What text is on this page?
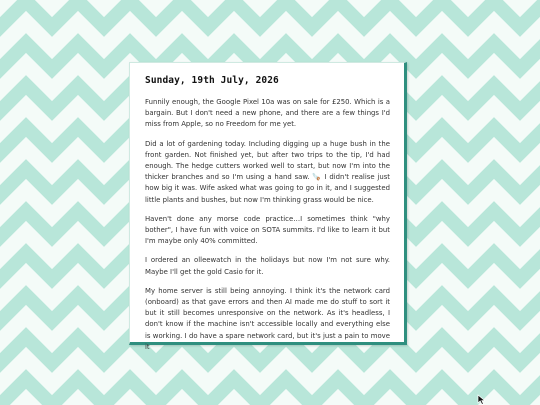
Sunday, 19th July, 2026

Funnily enough, the Google Pixel 10a was on sale for £250. Which is a bargain. But I don't need a new phone, and there are a few things I'd miss from Apple, so no Freedom for me yet.

Did a lot of gardening today. Including digging up a huge bush in the front garden. Not finished yet, but after two trips to the tip, I'd had enough. The hedge cutters worked well to start, but now I'm into the thicker branches and so I'm using a hand saw. 🪚 I didn't realise just how big it was. Wife asked what was going to go in it, and I suggested little plants and bushes, but now I'm thinking grass would be nice.

Haven't done any morse code practice…I sometimes think "why bother", I have fun with voice on SOTA summits. I'd like to learn it but I'm maybe only 40% committed.

I ordered an olleewatch in the holidays but now I'm not sure why. Maybe I'll get the gold Casio for it.

My home server is still being annoying. I think it's the network card (onboard) as that gave errors and then AI made me do stuff to sort it but it still becomes unresponsive on the network. As it's headless, I don't know if the machine isn't accessible locally and everything else is working. I do have a spare network card, but it's just a pain to move it
